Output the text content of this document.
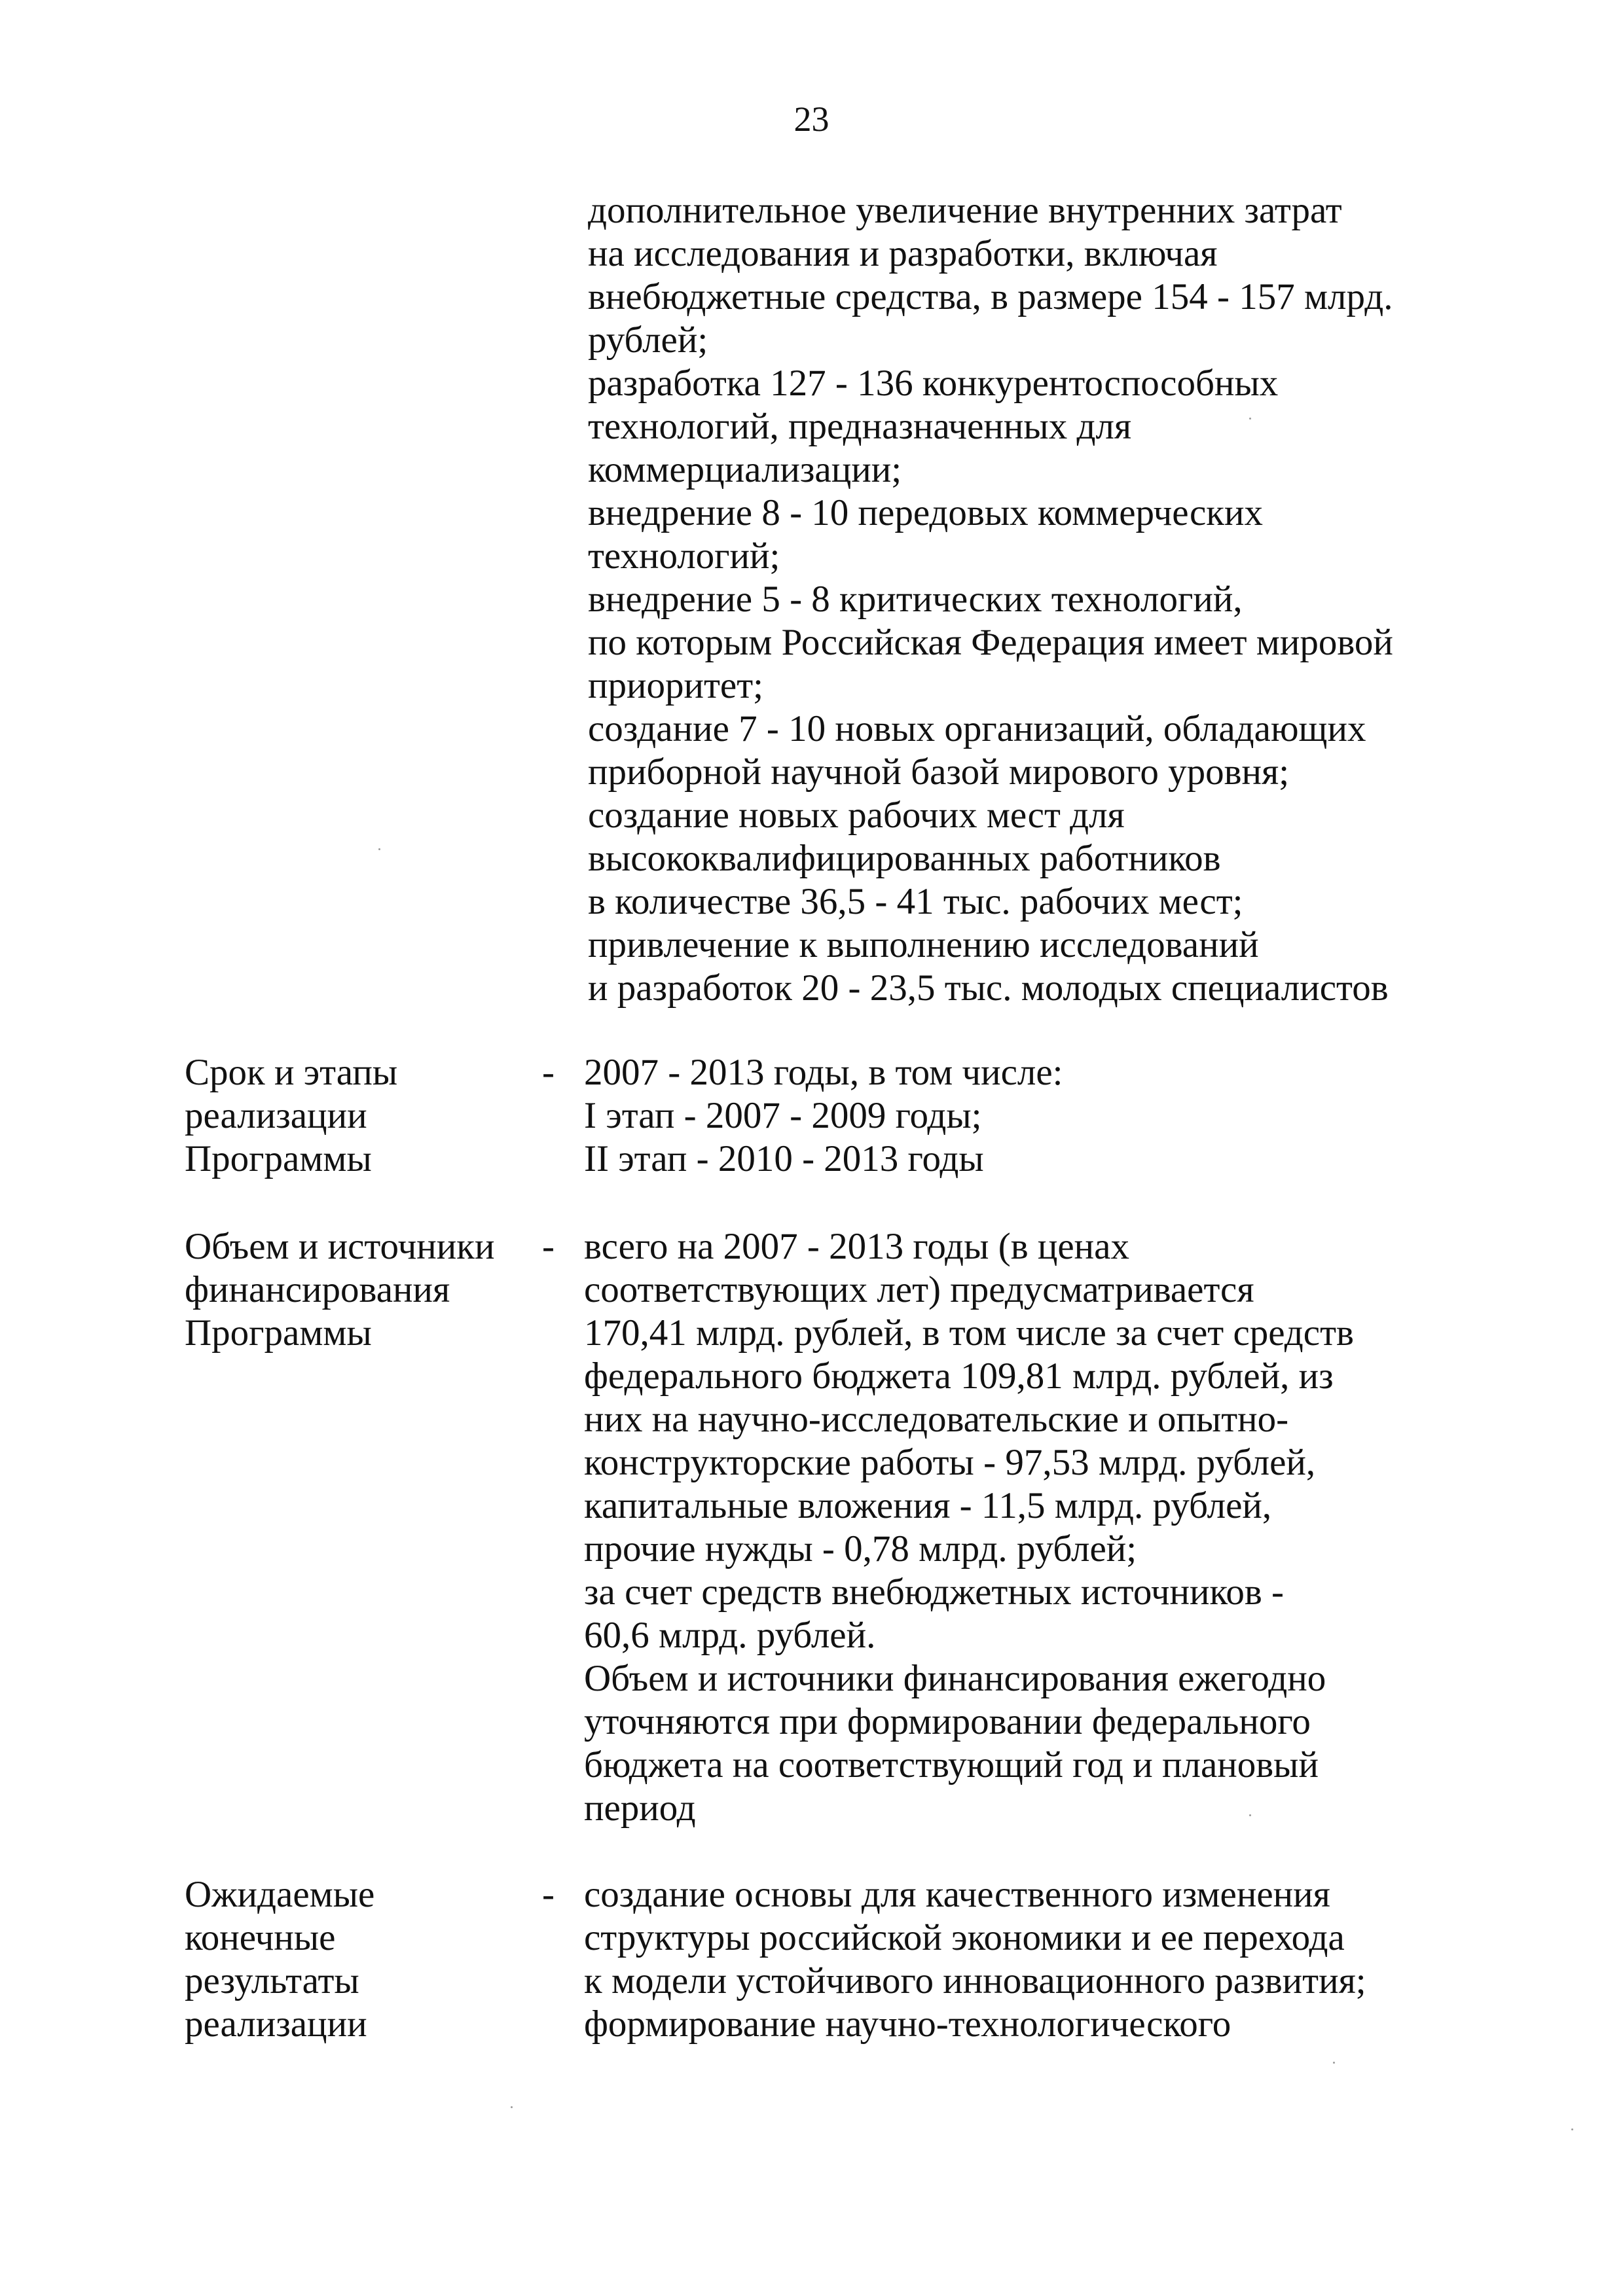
23
дополнительное увеличение внутренних затрат
на исследования и разработки, включая
внебюджетные средства, в размере 154 - 157 млрд.
рублей;
разработка 127 - 136 конкурентоспособных
технологий, предназначенных для
коммерциализации;
внедрение 8 - 10 передовых коммерческих
технологий;
внедрение 5 - 8 критических технологий,
по которым Российская Федерация имеет мировой
приоритет;
создание 7 - 10 новых организаций, обладающих
приборной научной базой мирового уровня;
создание новых рабочих мест для
высококвалифицированных работников
в количестве 36,5 - 41 тыс. рабочих мест;
привлечение к выполнению исследований
и разработок 20 - 23,5 тыс. молодых специалистов
Срок и этапы
реализации
Программы
- 2007 - 2013 годы, в том числе:
I этап - 2007 - 2009 годы;
II этап - 2010 - 2013 годы
Объем и источники
финансирования
Программы
- всего на 2007 - 2013 годы (в ценах
соответствующих лет) предусматривается
170,41 млрд. рублей, в том числе за счет средств
федерального бюджета 109,81 млрд. рублей, из
них на научно-исследовательские и опытно-
конструкторские работы - 97,53 млрд. рублей,
капитальные вложения - 11,5 млрд. рублей,
прочие нужды - 0,78 млрд. рублей;
за счет средств внебюджетных источников -
60,6 млрд. рублей.
Объем и источники финансирования ежегодно
уточняются при формировании федерального
бюджета на соответствующий год и плановый
период
Ожидаемые
конечные
результаты
реализации
- создание основы для качественного изменения
структуры российской экономики и ее перехода
к модели устойчивого инновационного развития;
формирование научно-технологического
